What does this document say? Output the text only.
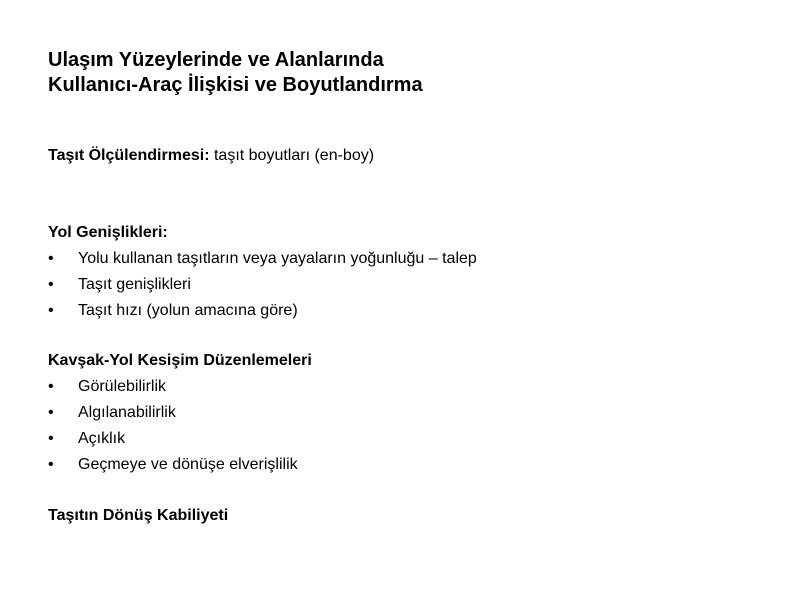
Ulaşım Yüzeylerinde ve Alanlarında
Kullanıcı-Araç İlişkisi ve Boyutlandırma
Taşıt Ölçülendirmesi: taşıt boyutları (en-boy)
Yol Genişlikleri:
• Yolu kullanan taşıtların veya yayaların yoğunluğu – talep
• Taşıt genişlikleri
• Taşıt hızı (yolun amacına göre)
Kavşak-Yol Kesişim Düzenlemeleri
• Görülebilirlik
• Algılanabilirlik
• Açıklık
• Geçmeye ve dönüşe elverişlilik
Taşıtın Dönüş Kabiliyeti
